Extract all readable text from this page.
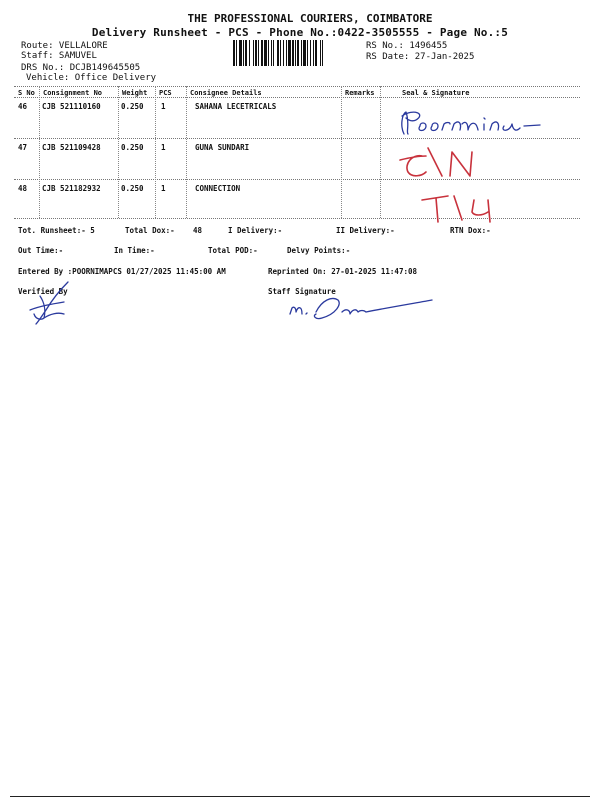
THE PROFESSIONAL COURIERS, COIMBATORE
Delivery Runsheet - PCS - Phone No.:0422-3505555 - Page No.:5
Route: VELLALORE
Staff: SAMUVEL
DRS No.: DCJB149645505
Vehicle: Office Delivery
RS No.: 1496455
RS Date: 27-Jan-2025
S No Consignment No	Weight PCS	Consignee Details	Remarks	Seal & Signature
46 CJB 521110160	0.250 1	SAHANA LECETRICALS
47 CJB 521109428	0.250 1	GUNA SUNDARI
48 CJB 521182932	0.250 1	CONNECTION
Tot. Runsheet:- 5	Total Dox:- 48	I Delivery:-	II Delivery:-	RTN Dox:-
Out Time:-	In Time:-	Total POD:-	Delvy Points:-
Entered By :POORNIMAPCS 01/27/2025 11:45:00 AM	Reprinted On: 27-01-2025 11:47:08
Verified By	Staff Signature
